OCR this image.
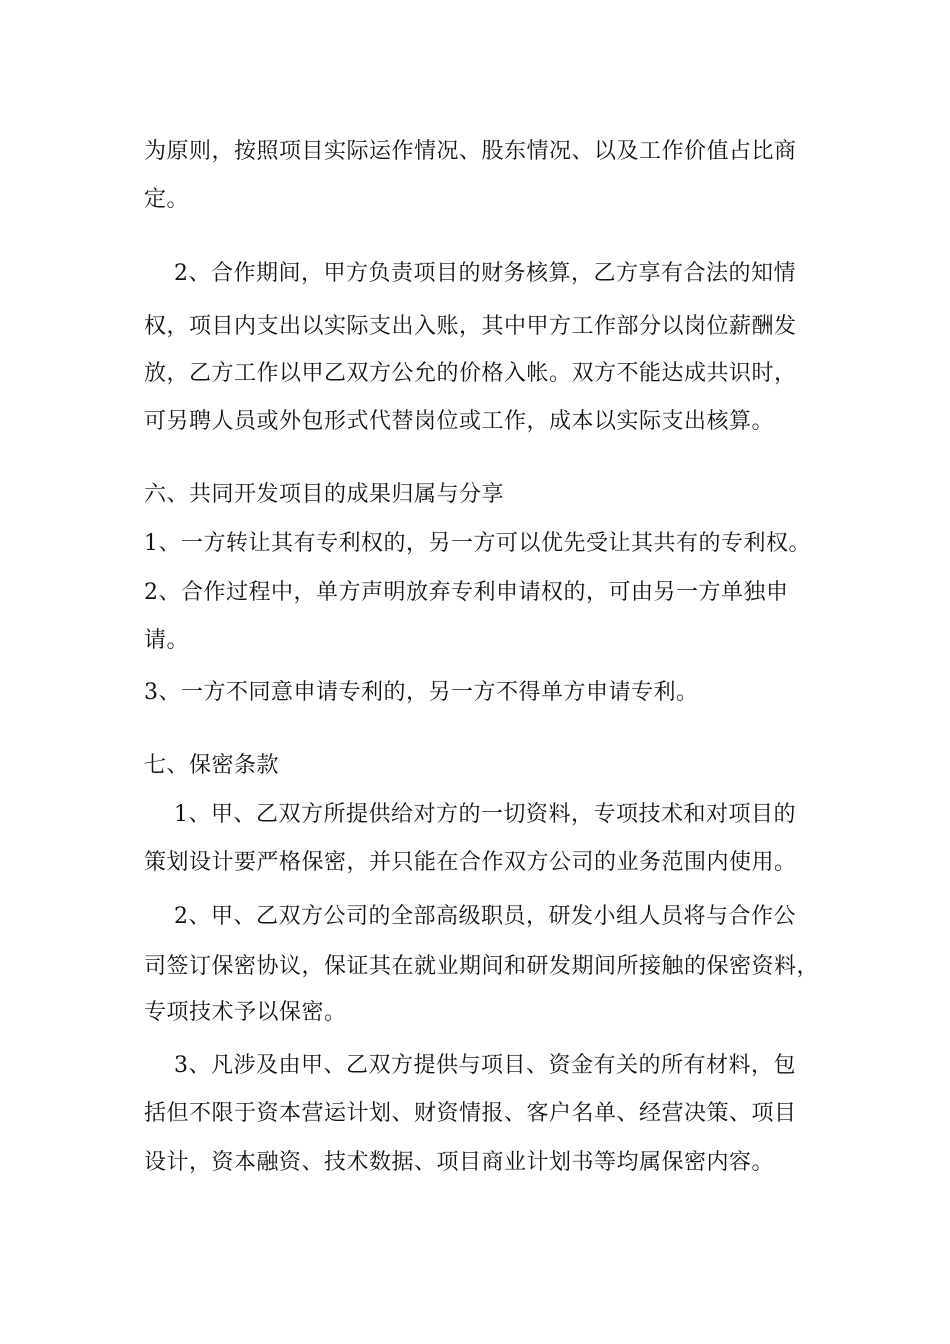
为原则，按照项目实际运作情况、股东情况、以及工作价值占比商
定。
　 2、合作期间，甲方负责项目的财务核算，乙方享有合法的知情
权，项目内支出以实际支出入账，其中甲方工作部分以岗位薪酬发
放，乙方工作以甲乙双方公允的价格入帐。双方不能达成共识时，
可另聘人员或外包形式代替岗位或工作，成本以实际支出核算。
六、共同开发项目的成果归属与分享
1、一方转让其有专利权的，另一方可以优先受让其共有的专利权。
2、合作过程中，单方声明放弃专利申请权的，可由另一方单独申
请。
3、一方不同意申请专利的，另一方不得单方申请专利。
七、保密条款
　 1、甲、乙双方所提供给对方的一切资料，专项技术和对项目的
策划设计要严格保密，并只能在合作双方公司的业务范围内使用。
　 2、甲、乙双方公司的全部高级职员，研发小组人员将与合作公
司签订保密协议，保证其在就业期间和研发期间所接触的保密资料，
专项技术予以保密。
　 3、凡涉及由甲、乙双方提供与项目、资金有关的所有材料，包
括但不限于资本营运计划、财资情报、客户名单、经营决策、项目
设计，资本融资、技术数据、项目商业计划书等均属保密内容。
